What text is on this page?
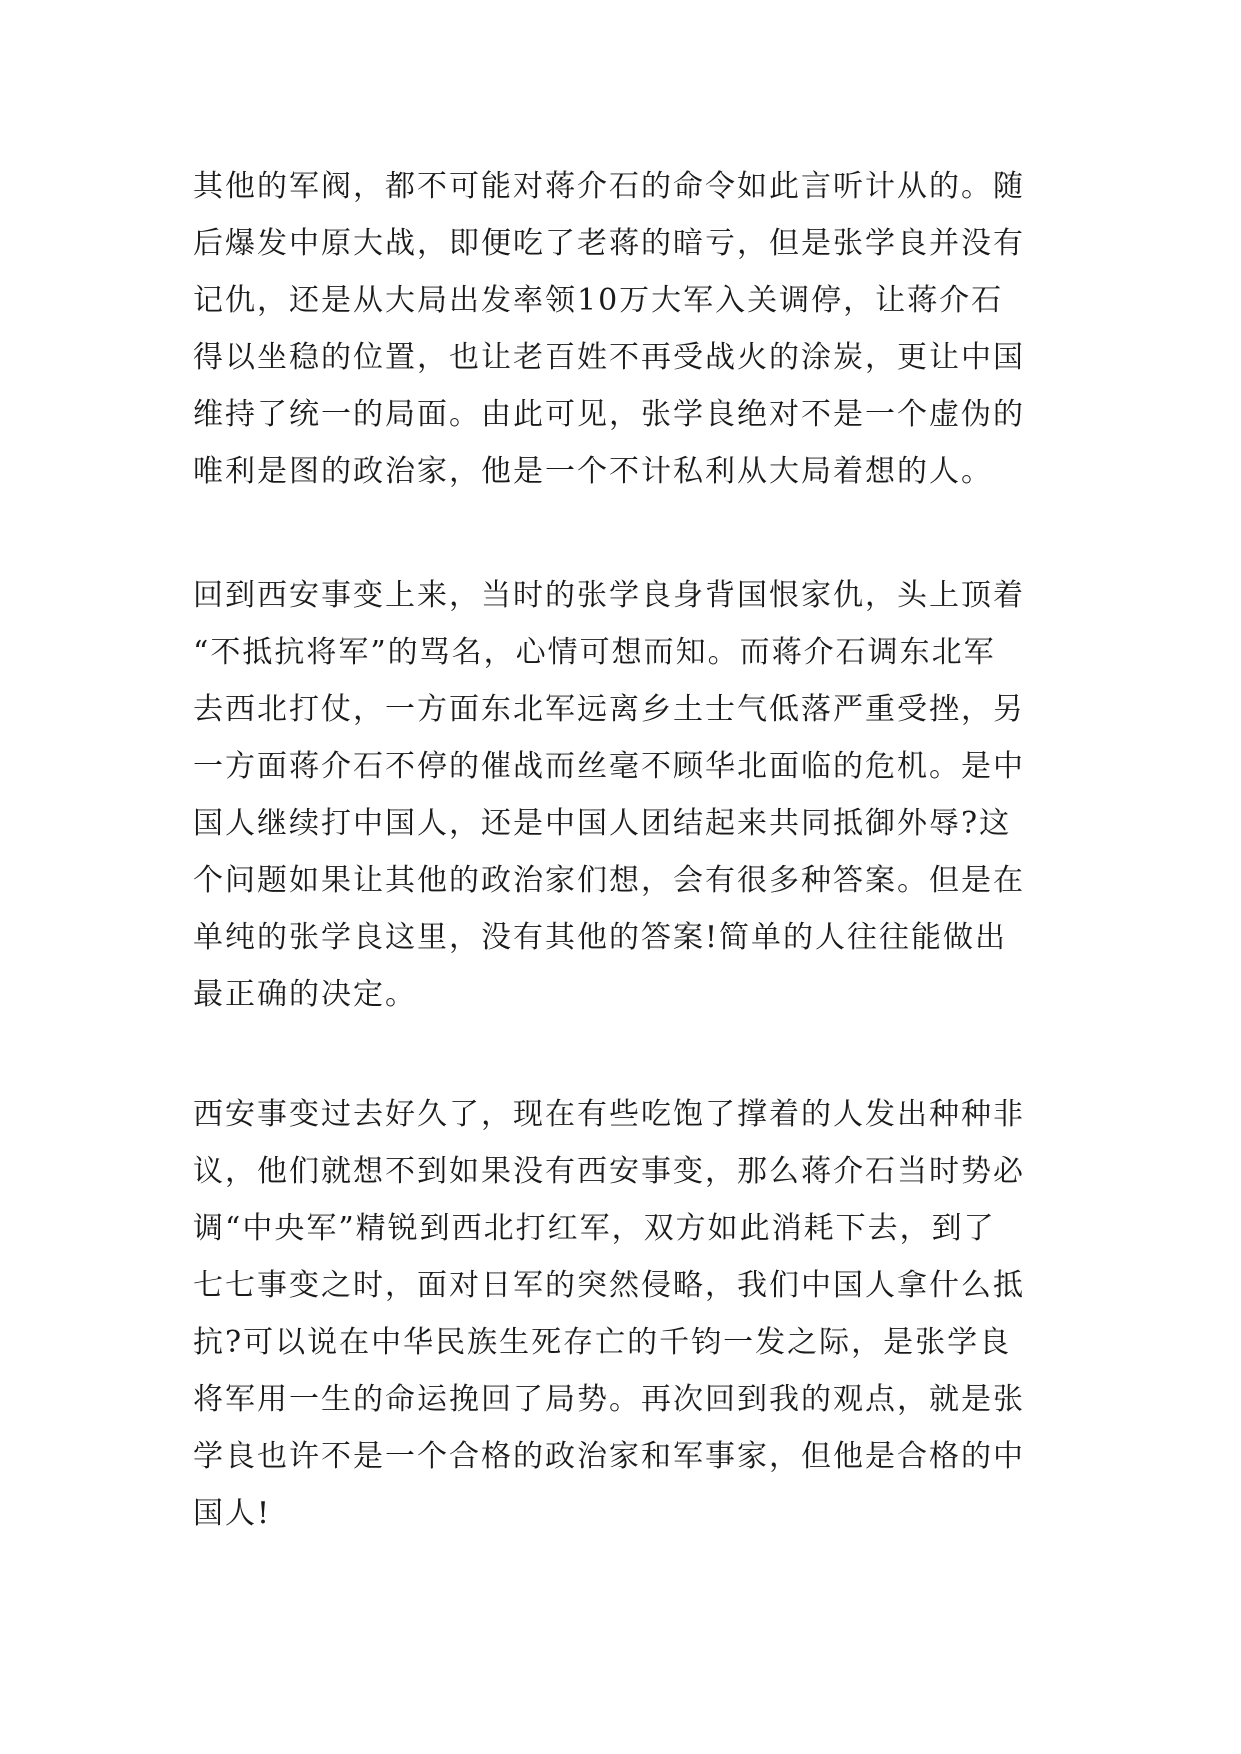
其他的军阀，都不可能对蒋介石的命令如此言听计从的。随
后爆发中原大战，即便吃了老蒋的暗亏，但是张学良并没有
记仇，还是从大局出发率领10万大军入关调停，让蒋介石
得以坐稳的位置，也让老百姓不再受战火的涂炭，更让中国
维持了统一的局面。由此可见，张学良绝对不是一个虚伪的
唯利是图的政治家，他是一个不计私利从大局着想的人。
回到西安事变上来，当时的张学良身背国恨家仇，头上顶着
“不抵抗将军”的骂名，心情可想而知。而蒋介石调东北军
去西北打仗，一方面东北军远离乡土士气低落严重受挫，另
一方面蒋介石不停的催战而丝毫不顾华北面临的危机。是中
国人继续打中国人，还是中国人团结起来共同抵御外辱?这
个问题如果让其他的政治家们想，会有很多种答案。但是在
单纯的张学良这里，没有其他的答案!简单的人往往能做出
最正确的决定。
西安事变过去好久了，现在有些吃饱了撑着的人发出种种非
议，他们就想不到如果没有西安事变，那么蒋介石当时势必
调“中央军”精锐到西北打红军，双方如此消耗下去，到了
七七事变之时，面对日军的突然侵略，我们中国人拿什么抵
抗?可以说在中华民族生死存亡的千钧一发之际，是张学良
将军用一生的命运挽回了局势。再次回到我的观点，就是张
学良也许不是一个合格的政治家和军事家，但他是合格的中
国人!
